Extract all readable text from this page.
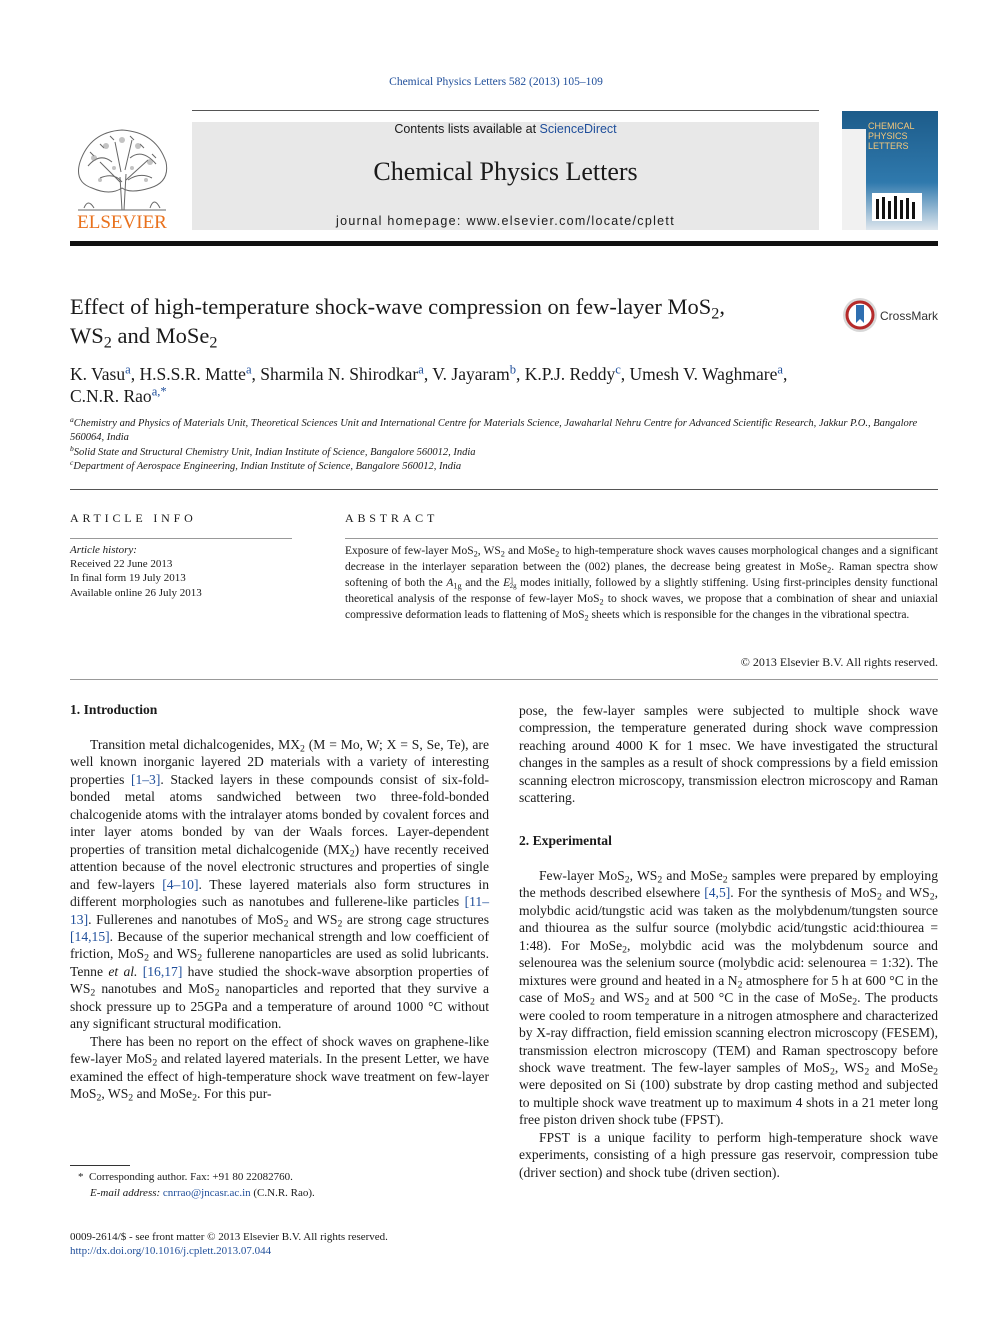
Chemical Physics Letters 582 (2013) 105–109
ELSEVIER
Contents lists available at ScienceDirect
Chemical Physics Letters
journal homepage: www.elsevier.com/locate/cplett
CHEMICAL
PHYSICS
LETTERS
Effect of high-temperature shock-wave compression on few-layer MoS$_2$,
$WS_2$ and MoSe$_2$
CrossMark
K. Vasu$^a$, H.S.S.R. Matte$^a$, Sharmila N. Shirodkar$^a$, V. Jayaram$^b$, K.P.J. Reddy$^c$, Umesh V. Waghmare$^a$,
C.N.R. Rao$^{a,*}$
$^a$Chemistry and Physics of Materials Unit, Theoretical Sciences Unit and International Centre for Materials Science, Jawaharlal Nehru Centre for Advanced Scientific Research, Jakkur P.O., Bangalore 560064, India
$^b$Solid State and Structural Chemistry Unit, Indian Institute of Science, Bangalore 560012, India
$^c$Department of Aerospace Engineering, Indian Institute of Science, Bangalore 560012, India
ARTICLE INFO
Article history:
Received 22 June 2013
In final form 19 July 2013
Available online 26 July 2013
ABSTRACT
Exposure of few-layer MoS$_2$, $WS_2$ and MoSe$_2$ to high-temperature shock waves causes morphological changes and a significant decrease in the interlayer separation between the (002) planes, the decrease being greatest in MoSe$_2$. Raman spectra show softening of both the $A_{1g}$ and the $E^1_{2g}$ modes initially, followed by a slightly stiffening. Using first-principles density functional theoretical analysis of the response of few-layer MoS$_2$ to shock waves, we propose that a combination of shear and uniaxial compressive deformation leads to flattening of MoS$_2$ sheets which is responsible for the changes in the vibrational spectra.
© 2013 Elsevier B.V. All rights reserved.
1. Introduction

Transition metal dichalcogenides, $MX_2$ (M = Mo, W; X = S, Se, Te), are well known inorganic layered 2D materials with a variety of interesting properties [1–3]. Stacked layers in these compounds consist of six-fold-bonded metal atoms sandwiched between two three-fold-bonded chalcogenide atoms with the intralayer atoms bonded by covalent forces and inter layer atoms bonded by van der Waals forces. Layer-dependent properties of transition metal dichalcogenide $(MX_2)$ have recently received attention because of the novel electronic structures and properties of single and few-layers [4–10]. These layered materials also form structures in different morphologies such as nanotubes and fullerene-like particles [11–13]. Fullerenes and nanotubes of MoS$_2$ and $WS_2$ are strong cage structures [14,15]. Because of the superior mechanical strength and low coefficient of friction, MoS$_2$ and $WS_2$ fullerene nanoparticles are used as solid lubricants. Tenne et al. [16,17] have studied the shock-wave absorption properties of $WS_2$ nanotubes and MoS$_2$ nanoparticles and reported that they survive a shock pressure up to 25GPa and a temperature of around 1000 °C without any significant structural modification.

There has been no report on the effect of shock waves on graphene-like few-layer MoS$_2$ and related layered materials. In the present Letter, we have examined the effect of high-temperature shock wave treatment on few-layer MoS$_2$, $WS_2$ and MoSe$_2$. For this pur-

pose, the few-layer samples were subjected to multiple shock wave compression, the temperature generated during shock wave compression reaching around 4000 K for 1 msec. We have investigated the structural changes in the samples as a result of shock compressions by a field emission scanning electron microscopy, transmission electron microscopy and Raman scattering.

2. Experimental

Few-layer MoS$_2$, $WS_2$ and MoSe$_2$ samples were prepared by employing the methods described elsewhere [4,5]. For the synthesis of MoS$_2$ and $WS_2$, molybdic acid/tungstic acid was taken as the molybdenum/tungsten source and thiourea as the sulfur source (molybdic acid/tungstic acid:thiourea = 1:48). For MoSe$_2$, molybdic acid was the molybdenum source and selenourea was the selenium source (molybdic acid: selenourea = 1:32). The mixtures were ground and heated in a $N_2$ atmosphere for 5 h at 600 °C in the case of MoS$_2$ and $WS_2$ and at 500 °C in the case of MoSe$_2$. The products were cooled to room temperature in a nitrogen atmosphere and characterized by X-ray diffraction, field emission scanning electron microscopy (FESEM), transmission electron microscopy (TEM) and Raman spectroscopy before shock wave treatment. The few-layer samples of MoS$_2$, $WS_2$ and MoSe$_2$ were deposited on Si (100) substrate by drop casting method and subjected to multiple shock wave treatment up to maximum 4 shots in a 21 meter long free piston driven shock tube (FPST).

FPST is a unique facility to perform high-temperature shock wave experiments, consisting of a high pressure gas reservoir, compression tube (driver section) and shock tube (driven section).

* Corresponding author. Fax: +91 80 22082760.
E-mail address: cnrrao@jncasr.ac.in (C.N.R. Rao).
0009-2614/$ - see front matter © 2013 Elsevier B.V. All rights reserved.
http://dx.doi.org/10.1016/j.cplett.2013.07.044
